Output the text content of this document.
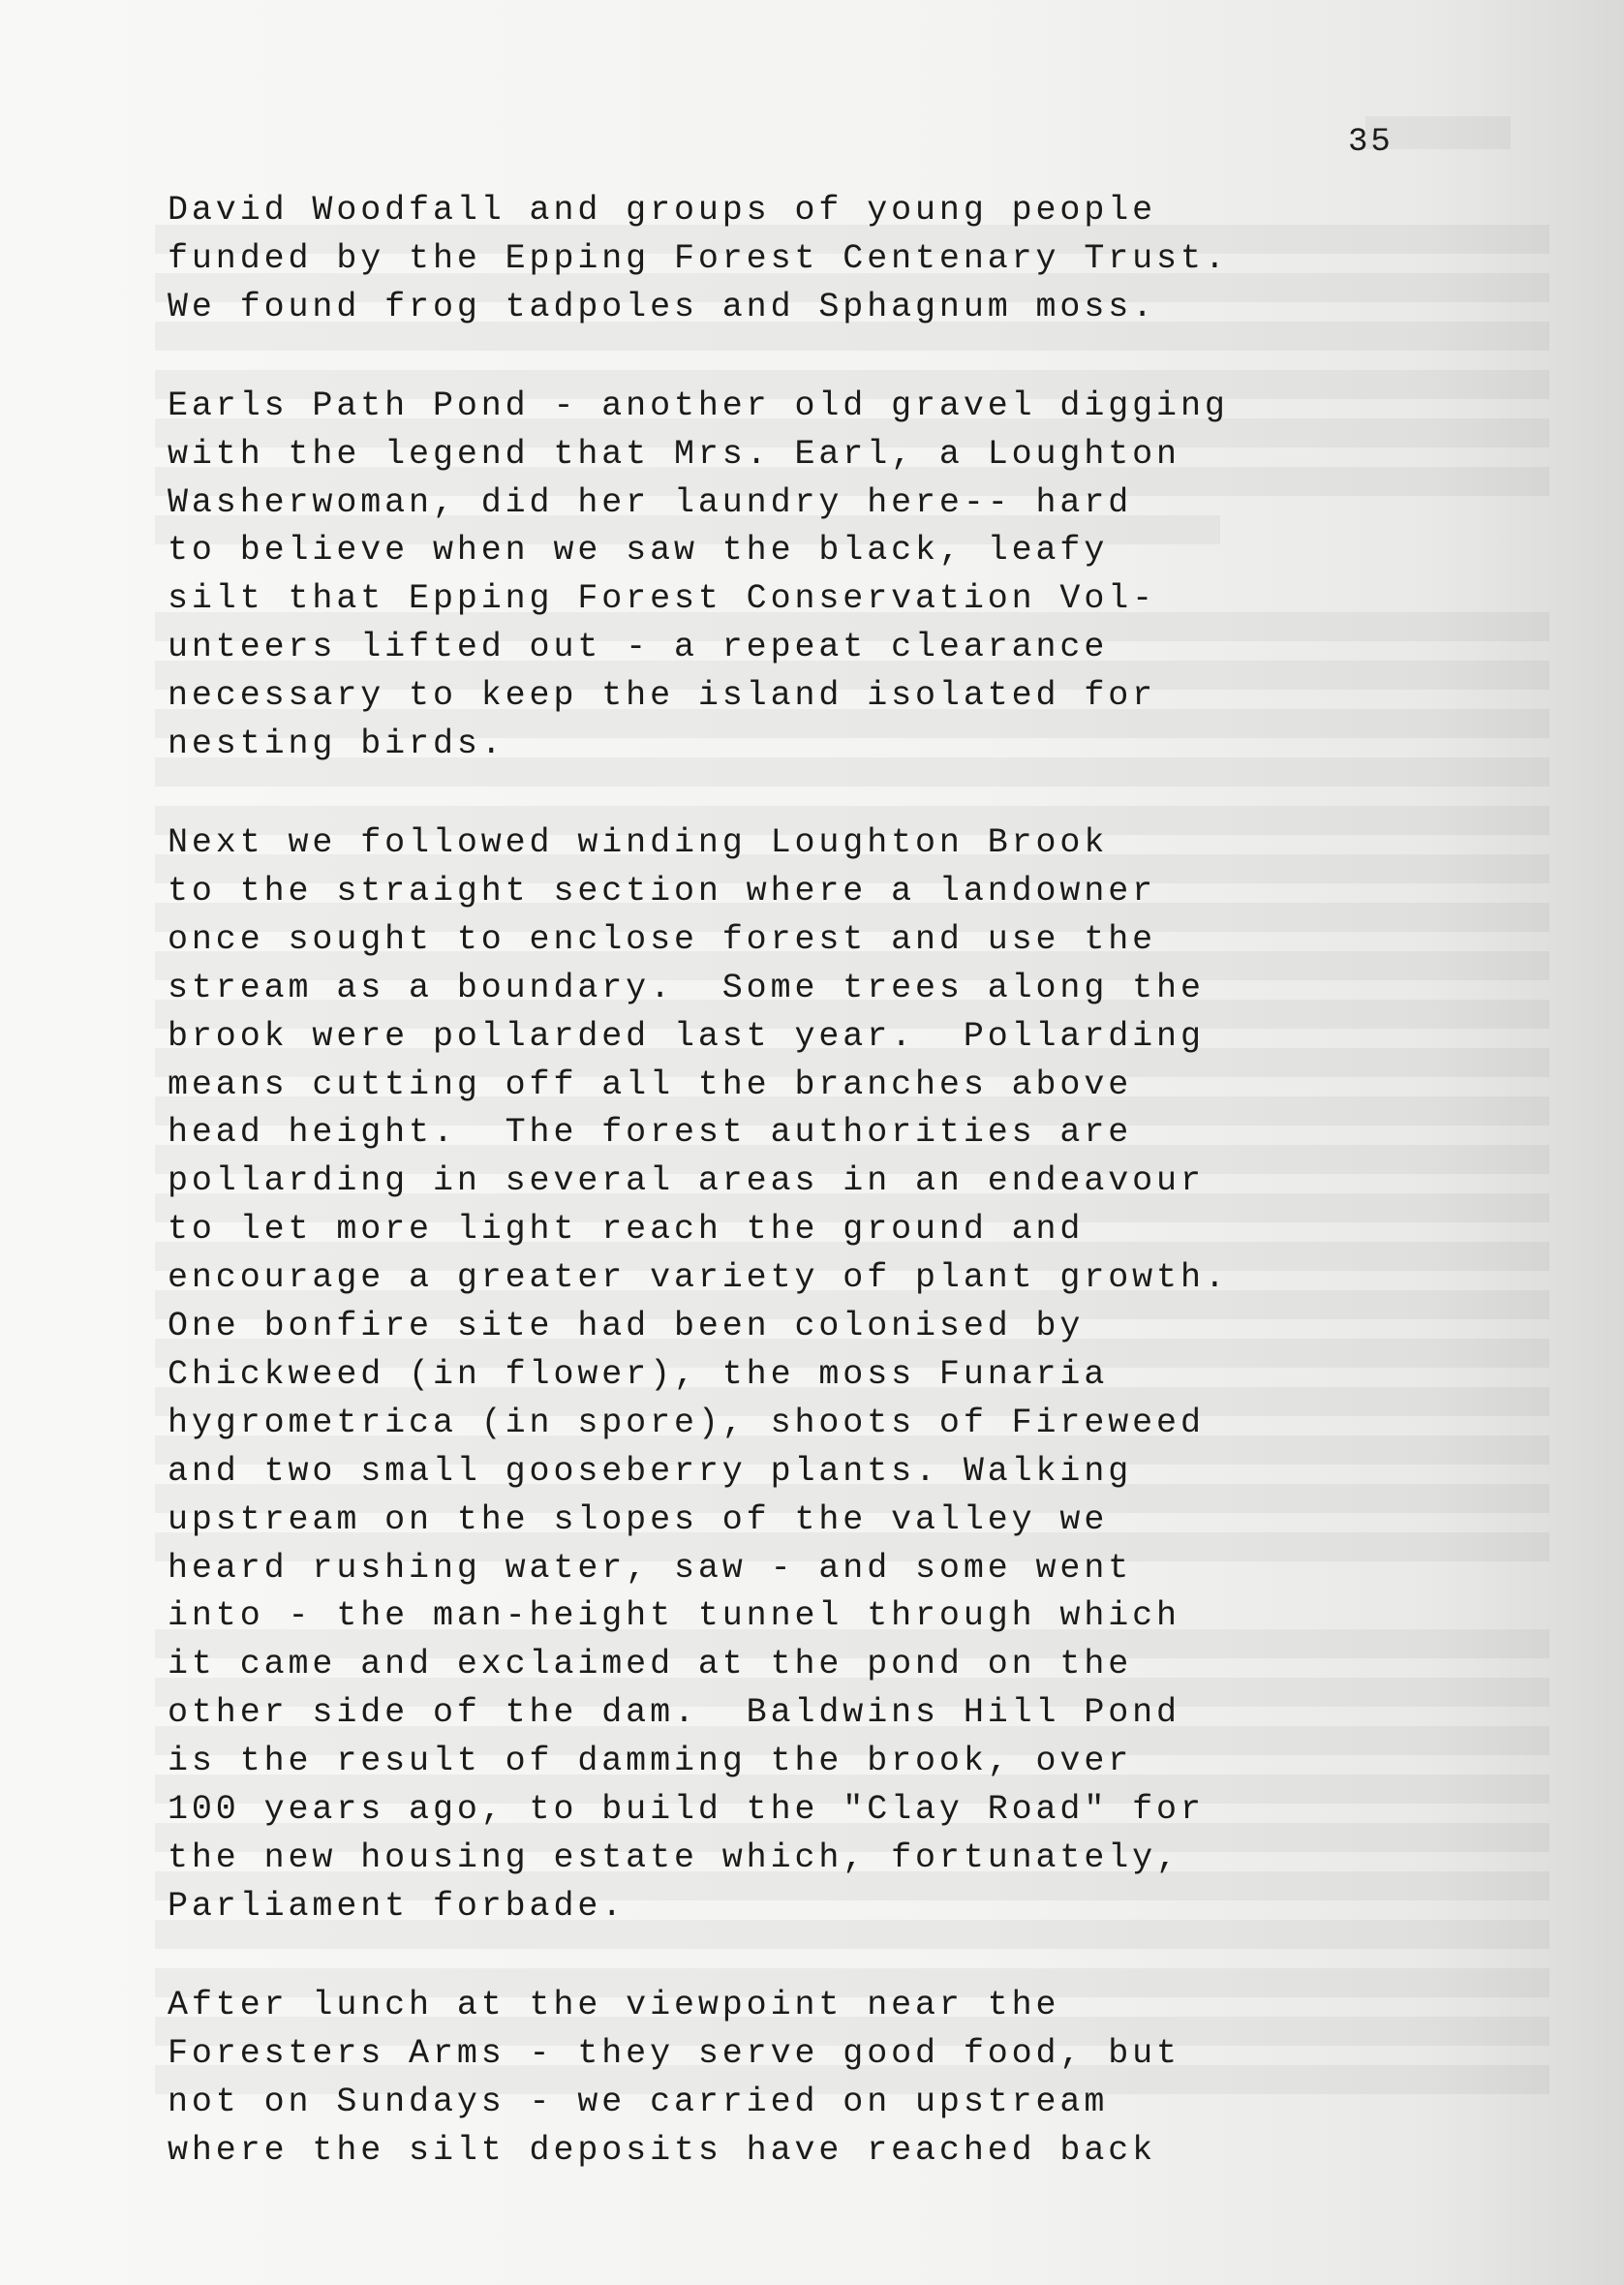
35
David Woodfall and groups of young people
funded by the Epping Forest Centenary Trust.
We found frog tadpoles and Sphagnum moss.
Earls Path Pond - another old gravel digging
with the legend that Mrs. Earl, a Loughton
Washerwoman, did her laundry here-- hard
to believe when we saw the black, leafy
silt that Epping Forest Conservation Vol-
unteers lifted out - a repeat clearance
necessary to keep the island isolated for
nesting birds.
Next we followed winding Loughton Brook
to the straight section where a landowner
once sought to enclose forest and use the
stream as a boundary.  Some trees along the
brook were pollarded last year.  Pollarding
means cutting off all the branches above
head height.  The forest authorities are
pollarding in several areas in an endeavour
to let more light reach the ground and
encourage a greater variety of plant growth.
One bonfire site had been colonised by
Chickweed (in flower), the moss Funaria
hygrometrica (in spore), shoots of Fireweed
and two small gooseberry plants. Walking
upstream on the slopes of the valley we
heard rushing water, saw - and some went
into - the man-height tunnel through which
it came and exclaimed at the pond on the
other side of the dam.  Baldwins Hill Pond
is the result of damming the brook, over
100 years ago, to build the "Clay Road" for
the new housing estate which, fortunately,
Parliament forbade.
After lunch at the viewpoint near the
Foresters Arms - they serve good food, but
not on Sundays - we carried on upstream
where the silt deposits have reached back
